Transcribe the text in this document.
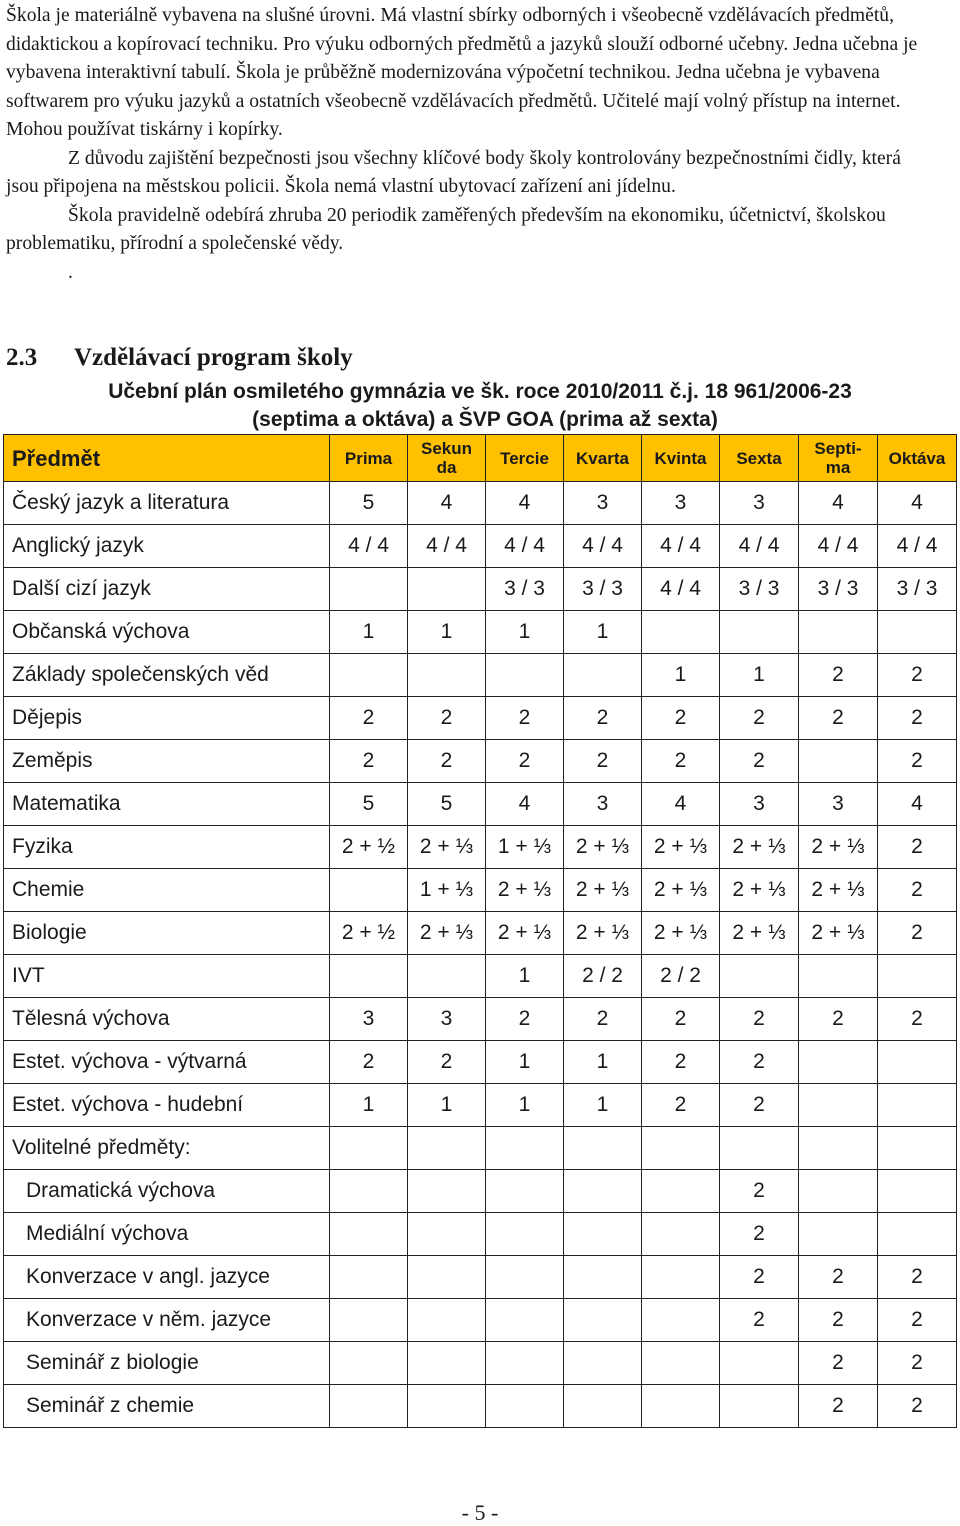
Škola je materiálně vybavena na slušné úrovni. Má vlastní sbírky odborných i všeobecně vzdělávacích předmětů, didaktickou a kopírovací techniku. Pro výuku odborných předmětů a jazyků slouží odborné učebny. Jedna učebna je vybavena interaktivní tabulí. Škola je průběžně modernizována výpočetní technikou. Jedna učebna je vybavena softwarem pro výuku jazyků a ostatních všeobecně vzdělávacích předmětů. Učitelé mají volný přístup na internet. Mohou používat tiskárny i kopírky.

Z důvodu zajištění bezpečnosti jsou všechny klíčové body školy kontrolovány bezpečnostními čidly, která jsou připojena na městskou policii. Škola nemá vlastní ubytovací zařízení ani jídelnu.

Škola pravidelně odebírá zhruba 20 periodik zaměřených především na ekonomiku, účetnictví, školskou problematiku, přírodní a společenské vědy.

.

2.3 Vzdělávací program školy
Učební plán osmiletého gymnázia ve šk. roce 2010/2011 č.j. 18 961/2006-23
(septima a oktáva) a ŠVP GOA (prima až sexta)
Předmět	Prima	Sekun
da	Tercie	Kvarta	Kvinta	Sexta	Septi-
ma	Oktáva
Český jazyk a literatura	5	4	4	3	3	3	4	4
Anglický jazyk	4 / 4	4 / 4	4 / 4	4 / 4	4 / 4	4 / 4	4 / 4	4 / 4
Další cizí jazyk			3 / 3	3 / 3	4 / 4	3 / 3	3 / 3	3 / 3
Občanská výchova	1	1	1	1				
Základy společenských věd					1	1	2	2
Dějepis	2	2	2	2	2	2	2	2
Zeměpis	2	2	2	2	2	2		2
Matematika	5	5	4	3	4	3	3	4
Fyzika	2 + ½	2 + ⅓	1 + ⅓	2 + ⅓	2 + ⅓	2 + ⅓	2 + ⅓	2
Chemie		1 + ⅓	2 + ⅓	2 + ⅓	2 + ⅓	2 + ⅓	2 + ⅓	2
Biologie	2 + ½	2 + ⅓	2 + ⅓	2 + ⅓	2 + ⅓	2 + ⅓	2 + ⅓	2
IVT			1	2 / 2	2 / 2			
Tělesná výchova	3	3	2	2	2	2	2	2
Estet. výchova - výtvarná	2	2	1	1	2	2		
Estet. výchova - hudební	1	1	1	1	2	2		
Volitelné předměty:								
Dramatická výchova						2		
Mediální výchova						2		
Konverzace v angl. jazyce						2	2	2
Konverzace v něm. jazyce						2	2	2
Seminář z biologie							2	2
Seminář z chemie							2	2
- 5 -
